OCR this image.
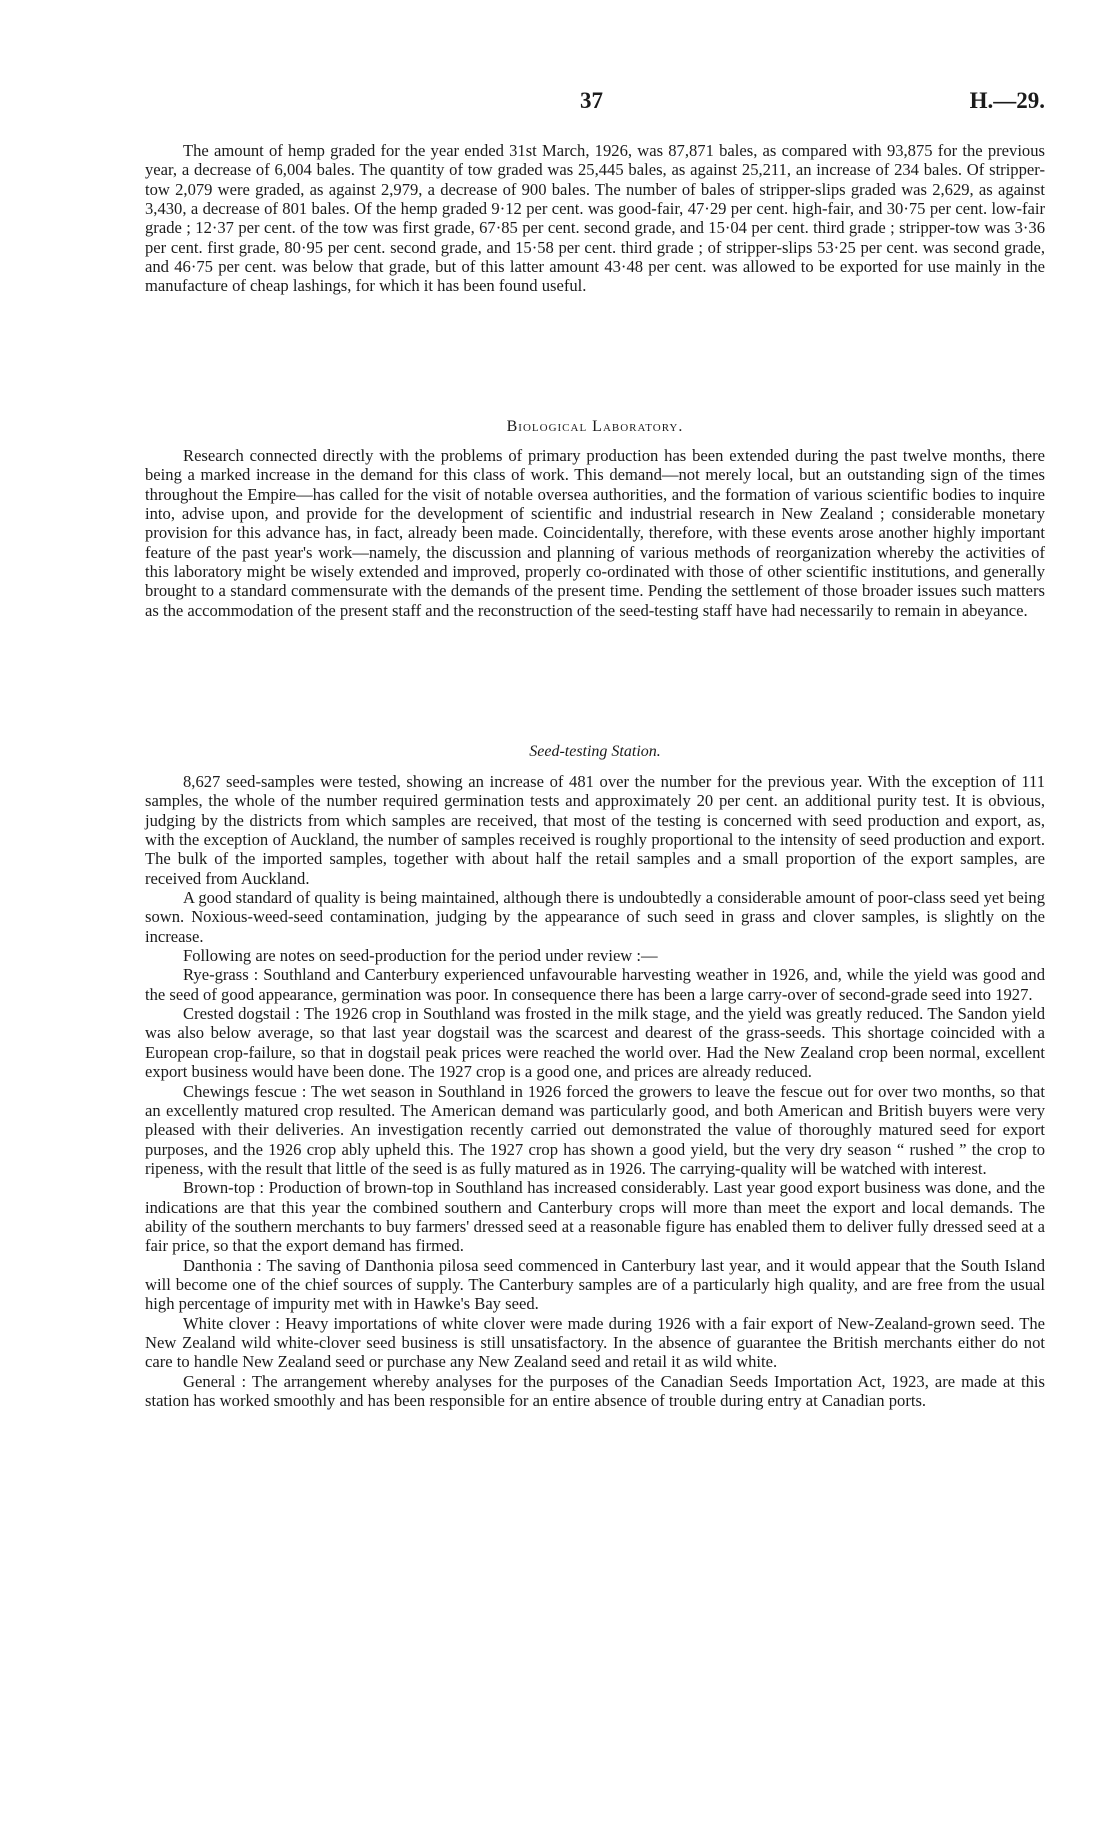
37	H.—29.

The amount of hemp graded for the year ended 31st March, 1926, was 87,871 bales, as compared with 93,875 for the previous year, a decrease of 6,004 bales. The quantity of tow graded was 25,445 bales, as against 25,211, an increase of 234 bales. Of stripper-tow 2,079 were graded, as against 2,979, a decrease of 900 bales. The number of bales of stripper-slips graded was 2,629, as against 3,430, a decrease of 801 bales. Of the hemp graded 9·12 per cent. was good-fair, 47·29 per cent. high-fair, and 30·75 per cent. low-fair grade ; 12·37 per cent. of the tow was first grade, 67·85 per cent. second grade, and 15·04 per cent. third grade ; stripper-tow was 3·36 per cent. first grade, 80·95 per cent. second grade, and 15·58 per cent. third grade ; of stripper-slips 53·25 per cent. was second grade, and 46·75 per cent. was below that grade, but of this latter amount 43·48 per cent. was allowed to be exported for use mainly in the manufacture of cheap lashings, for which it has been found useful.

Biological Laboratory.

Research connected directly with the problems of primary production has been extended during the past twelve months, there being a marked increase in the demand for this class of work. This demand—not merely local, but an outstanding sign of the times throughout the Empire—has called for the visit of notable oversea authorities, and the formation of various scientific bodies to inquire into, advise upon, and provide for the development of scientific and industrial research in New Zealand ; considerable monetary provision for this advance has, in fact, already been made. Coincidentally, therefore, with these events arose another highly important feature of the past year's work—namely, the discussion and planning of various methods of reorganization whereby the activities of this laboratory might be wisely extended and improved, properly co-ordinated with those of other scientific institutions, and generally brought to a standard commensurate with the demands of the present time. Pending the settlement of those broader issues such matters as the accommodation of the present staff and the reconstruction of the seed-testing staff have had necessarily to remain in abeyance.

Seed-testing Station.

8,627 seed-samples were tested, showing an increase of 481 over the number for the previous year. With the exception of 111 samples, the whole of the number required germination tests and approximately 20 per cent. an additional purity test. It is obvious, judging by the districts from which samples are received, that most of the testing is concerned with seed production and export, as, with the exception of Auckland, the number of samples received is roughly proportional to the intensity of seed production and export. The bulk of the imported samples, together with about half the retail samples and a small proportion of the export samples, are received from Auckland.

A good standard of quality is being maintained, although there is undoubtedly a considerable amount of poor-class seed yet being sown. Noxious-weed-seed contamination, judging by the appearance of such seed in grass and clover samples, is slightly on the increase.

Following are notes on seed-production for the period under review :—

Rye-grass : Southland and Canterbury experienced unfavourable harvesting weather in 1926, and, while the yield was good and the seed of good appearance, germination was poor. In consequence there has been a large carry-over of second-grade seed into 1927.

Crested dogstail : The 1926 crop in Southland was frosted in the milk stage, and the yield was greatly reduced. The Sandon yield was also below average, so that last year dogstail was the scarcest and dearest of the grass-seeds. This shortage coincided with a European crop-failure, so that in dogstail peak prices were reached the world over. Had the New Zealand crop been normal, excellent export business would have been done. The 1927 crop is a good one, and prices are already reduced.

Chewings fescue : The wet season in Southland in 1926 forced the growers to leave the fescue out for over two months, so that an excellently matured crop resulted. The American demand was particularly good, and both American and British buyers were very pleased with their deliveries. An investigation recently carried out demonstrated the value of thoroughly matured seed for export purposes, and the 1926 crop ably upheld this. The 1927 crop has shown a good yield, but the very dry season “ rushed ” the crop to ripeness, with the result that little of the seed is as fully matured as in 1926. The carrying-quality will be watched with interest.

Brown-top : Production of brown-top in Southland has increased considerably. Last year good export business was done, and the indications are that this year the combined southern and Canterbury crops will more than meet the export and local demands. The ability of the southern merchants to buy farmers' dressed seed at a reasonable figure has enabled them to deliver fully dressed seed at a fair price, so that the export demand has firmed.

Danthonia : The saving of Danthonia pilosa seed commenced in Canterbury last year, and it would appear that the South Island will become one of the chief sources of supply. The Canterbury samples are of a particularly high quality, and are free from the usual high percentage of impurity met with in Hawke's Bay seed.

White clover : Heavy importations of white clover were made during 1926 with a fair export of New-Zealand-grown seed. The New Zealand wild white-clover seed business is still unsatisfactory. In the absence of guarantee the British merchants either do not care to handle New Zealand seed or purchase any New Zealand seed and retail it as wild white.

General : The arrangement whereby analyses for the purposes of the Canadian Seeds Importation Act, 1923, are made at this station has worked smoothly and has been responsible for an entire absence of trouble during entry at Canadian ports.
